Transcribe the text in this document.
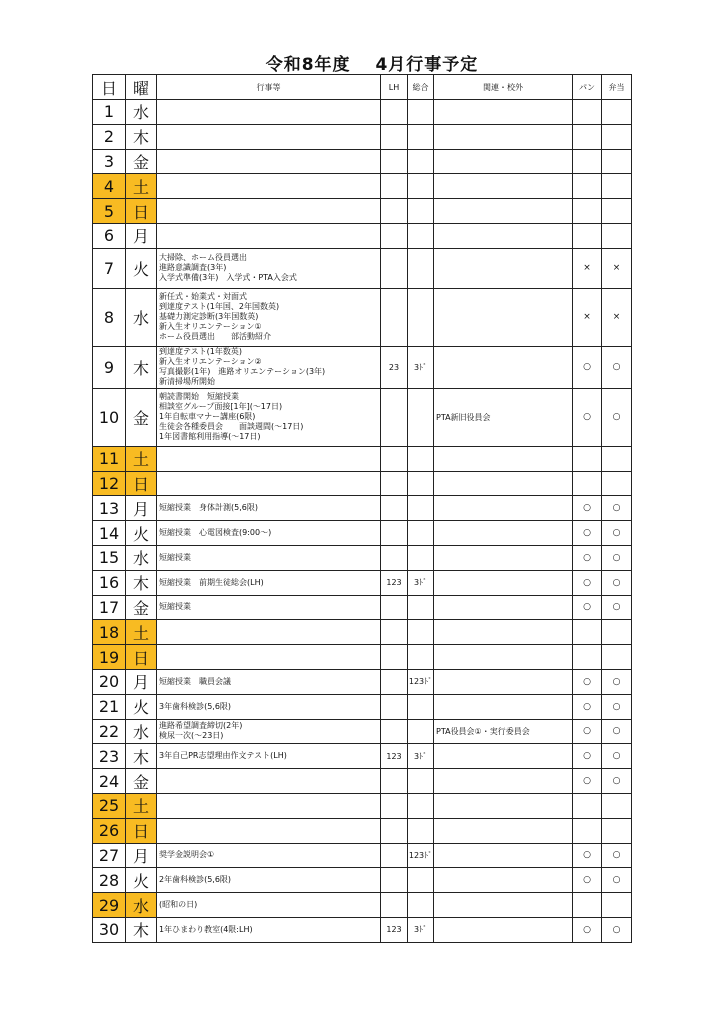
令和8年度　 4月行事予定
日	曜	行事等	LH	総合	関連・校外	パン	弁当
1	水						
2	木						
3	金						
4	土						
5	日						
6	月						
7	火	大掃除、ホーム役員選出
進路意識調査(3年)
入学式準備(3年)　入学式・PTA入会式				×	×
8	水	新任式・始業式・対面式
到達度テスト(1年国、2年国数英)
基礎力測定診断(3年国数英)
新入生オリエンテーション①
ホーム役員選出　　部活動紹介				×	×
9	木	到達度テスト(1年数英)
新入生オリエンテーション②
写真撮影(1年)　進路オリエンテーション(3年)
新清掃場所開始	23	3ﾄﾞ		○	○
10	金	朝読書開始　短縮授業
相談室グループ面接[1年](～17日)
1年自転車マナー講座(6限)
生徒会各種委員会　　面談週間(～17日)
1年図書館利用指導(～17日)			PTA新旧役員会	○	○
11	土						
12	日						
13	月	短縮授業　身体計測(5,6限)				○	○
14	火	短縮授業　心電図検査(9:00～)				○	○
15	水	短縮授業				○	○
16	木	短縮授業　前期生徒総会(LH)	123	3ﾄﾞ		○	○
17	金	短縮授業				○	○
18	土						
19	日						
20	月	短縮授業　職員会議		123ﾄﾞ		○	○
21	火	3年歯科検診(5,6限)				○	○
22	水	進路希望調査締切(2年)
検尿一次(～23日)			PTA役員会①・実行委員会	○	○
23	木	3年自己PR志望理由作文テスト(LH)	123	3ﾄﾞ		○	○
24	金					○	○
25	土						
26	日						
27	月	奨学金説明会①		123ﾄﾞ		○	○
28	火	2年歯科検診(5,6限)				○	○
29	水	(昭和の日)					

30	木	1年ひまわり教室(4限:LH)	123	3ﾄﾞ		○	○
